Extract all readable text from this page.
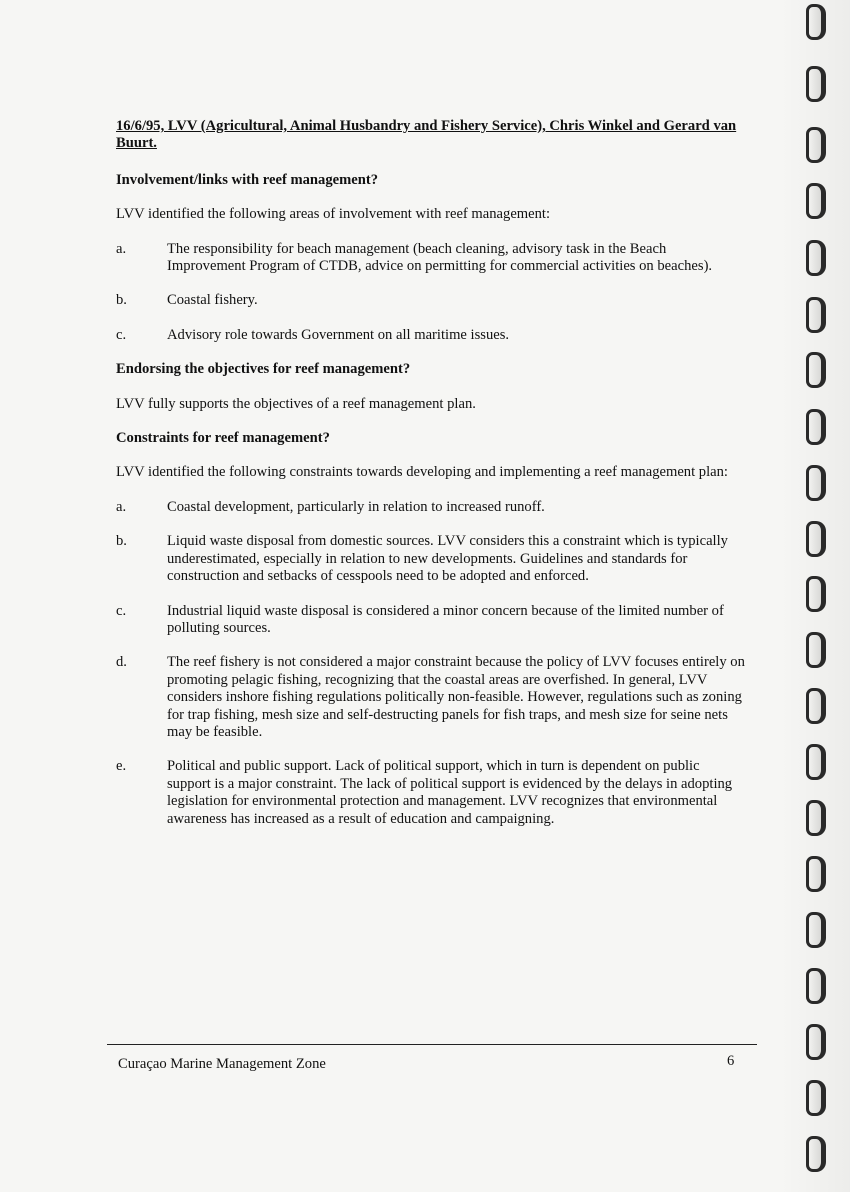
16/6/95, LVV (Agricultural, Animal Husbandry and Fishery Service), Chris Winkel and Gerard van Buurt.

Involvement/links with reef management?

LVV identified the following areas of involvement with reef management:

a.	The responsibility for beach management (beach cleaning, advisory task in the Beach Improvement Program of CTDB, advice on permitting for commercial activities on beaches).
b.	Coastal fishery.
c.	Advisory role towards Government on all maritime issues.

Endorsing the objectives for reef management?

LVV fully supports the objectives of a reef management plan.

Constraints for reef management?

LVV identified the following constraints towards developing and implementing a reef management plan:

a.	Coastal development, particularly in relation to increased runoff.
b.	Liquid waste disposal from domestic sources. LVV considers this a constraint which is typically underestimated, especially in relation to new developments. Guidelines and standards for construction and setbacks of cesspools need to be adopted and enforced.
c.	Industrial liquid waste disposal is considered a minor concern because of the limited number of polluting sources.
d.	The reef fishery is not considered a major constraint because the policy of LVV focuses entirely on promoting pelagic fishing, recognizing that the coastal areas are overfished. In general, LVV considers inshore fishing regulations politically non-feasible. However, regulations such as zoning for trap fishing, mesh size and self-destructing panels for fish traps, and mesh size for seine nets may be feasible.
e.	Political and public support. Lack of political support, which in turn is dependent on public support is a major constraint. The lack of political support is evidenced by the delays in adopting legislation for environmental protection and management. LVV recognizes that environmental awareness has increased as a result of education and campaigning.
Curaçao Marine Management Zone	6
